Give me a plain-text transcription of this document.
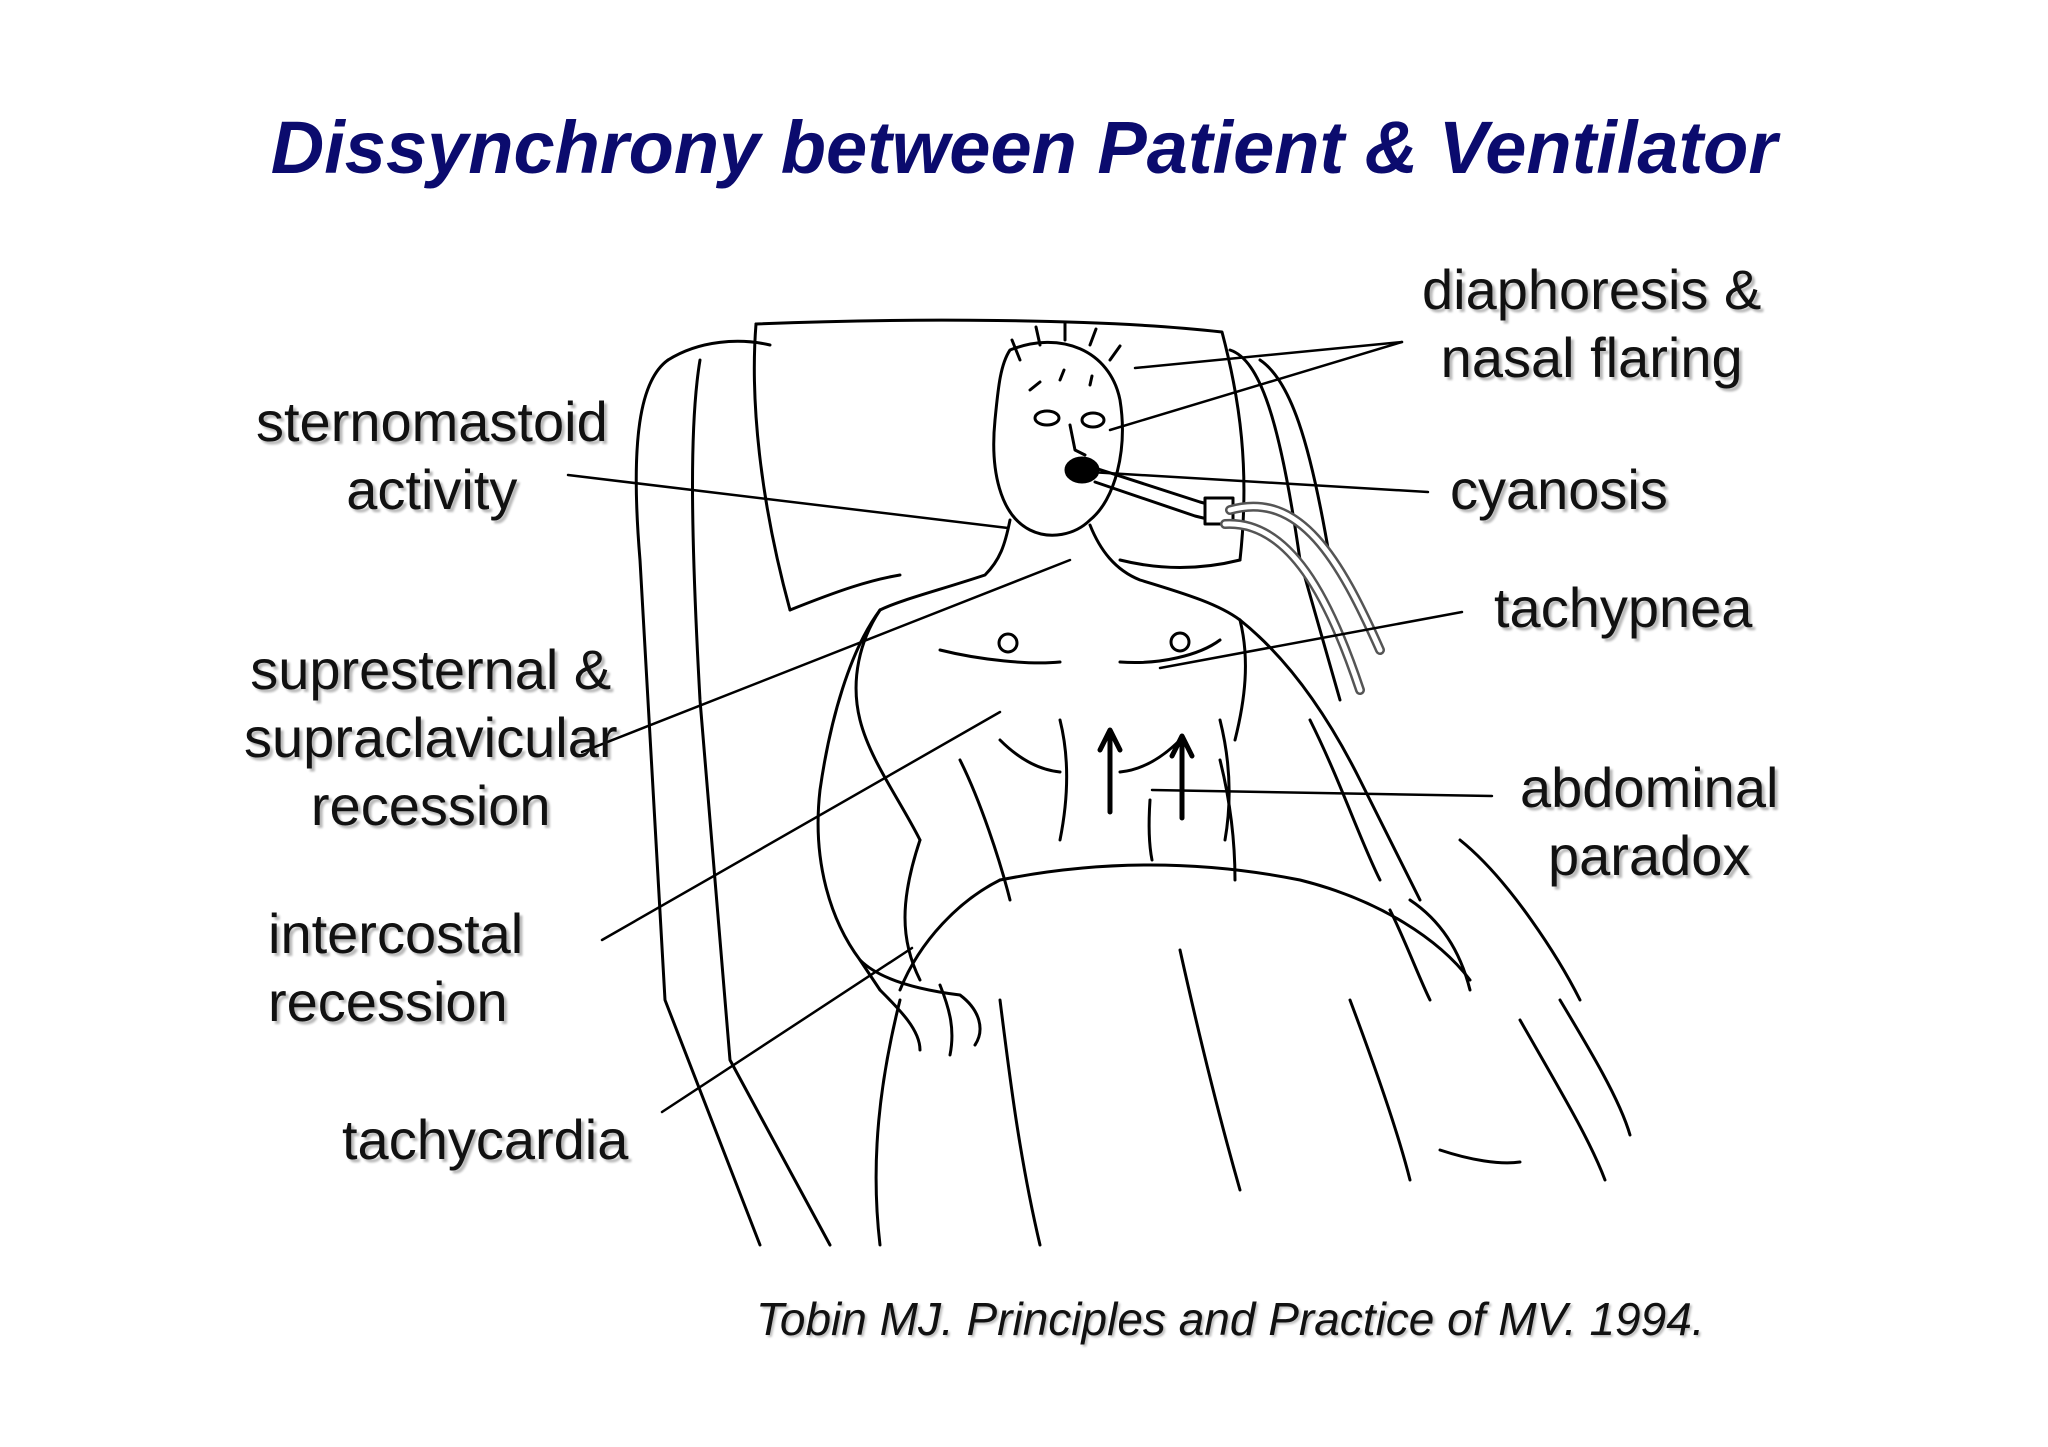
Dissynchrony between Patient & Ventilator
diaphoresis &
nasal flaring
cyanosis
tachypnea
abdominal
paradox
sternomastoid
activity
supresternal &
supraclavicular
recession
intercostal
recession
tachycardia
Tobin MJ. Principles and Practice of MV. 1994.
